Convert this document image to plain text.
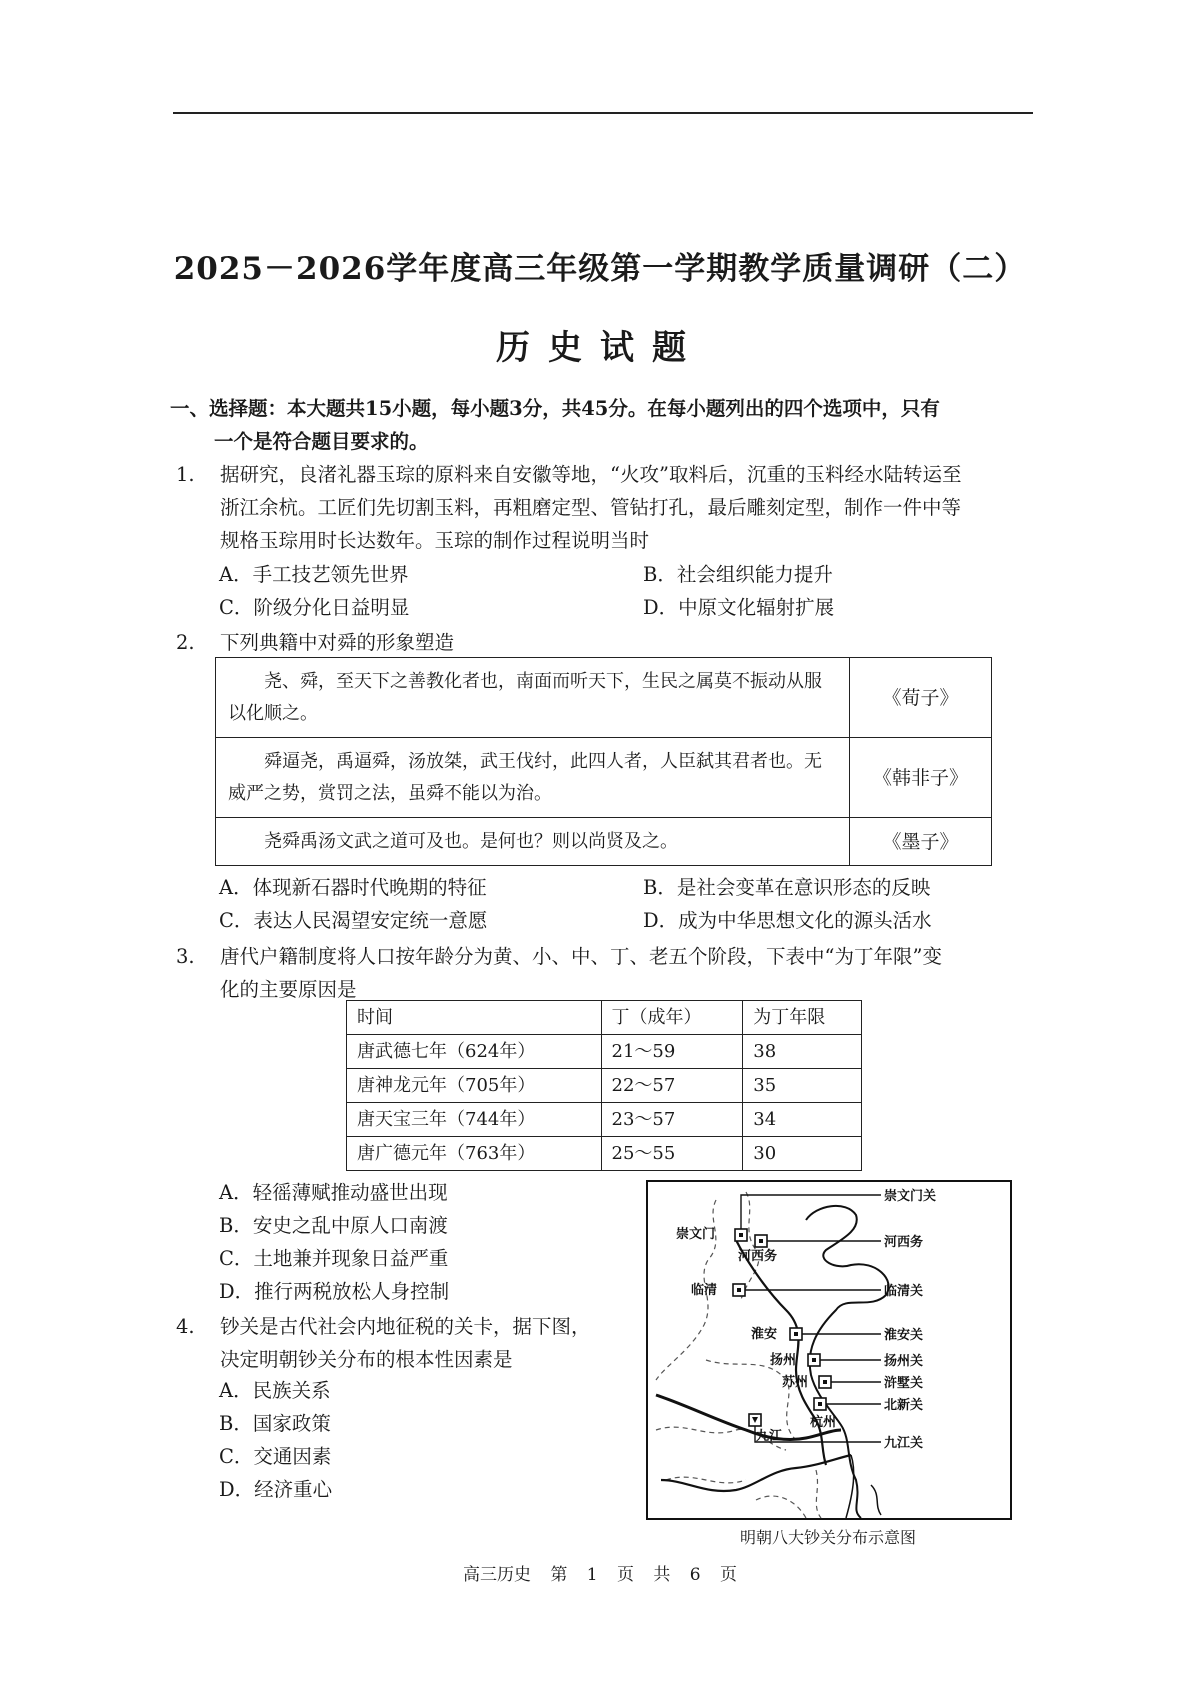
2025－2026学年度高三年级第一学期教学质量调研（二）
历史试题
一、选择题：本大题共15小题，每小题3分，共45分。在每小题列出的四个选项中，只有
一个是符合题目要求的。
1. 据研究，良渚礼器玉琮的原料来自安徽等地，“火攻”取料后，沉重的玉料经水陆转运至
浙江余杭。工匠们先切割玉料，再粗磨定型、管钻打孔，最后雕刻定型，制作一件中等
规格玉琮用时长达数年。玉琮的制作过程说明当时
A．手工技艺领先世界	B．社会组织能力提升
C．阶级分化日益明显	D．中原文化辐射扩展
2. 下列典籍中对舜的形象塑造
尧、舜，至天下之善教化者也，南面而听天下，生民之属莫不振动从服以化顺之。	《荀子》
舜逼尧，禹逼舜，汤放桀，武王伐纣，此四人者，人臣弑其君者也。无威严之势，赏罚之法，虽舜不能以为治。	《韩非子》
尧舜禹汤文武之道可及也。是何也？则以尚贤及之。	《墨子》
A．体现新石器时代晚期的特征	B．是社会变革在意识形态的反映
C．表达人民渴望安定统一意愿	D．成为中华思想文化的源头活水
3. 唐代户籍制度将人口按年龄分为黄、小、中、丁、老五个阶段，下表中“为丁年限”变
化的主要原因是
时间	丁（成年）	为丁年限
唐武德七年（624年）	21～59	38
唐神龙元年（705年）	22～57	35
唐天宝三年（744年）	23～57	34
唐广德元年（763年）	25～55	30
A．轻徭薄赋推动盛世出现
B．安史之乱中原人口南渡
C．土地兼并现象日益严重
D．推行两税放松人身控制
4. 钞关是古代社会内地征税的关卡，据下图，
决定明朝钞关分布的根本性因素是
A．民族关系
B．国家政策
C．交通因素
D．经济重心
崇文门
河西务
临清
淮安
扬州
苏州
杭州
九江
崇文门关
河西务
临清关
淮安关
扬州关
浒墅关
北新关
九江关
明朝八大钞关分布示意图
高三历史 第 1 页 共 6 页
